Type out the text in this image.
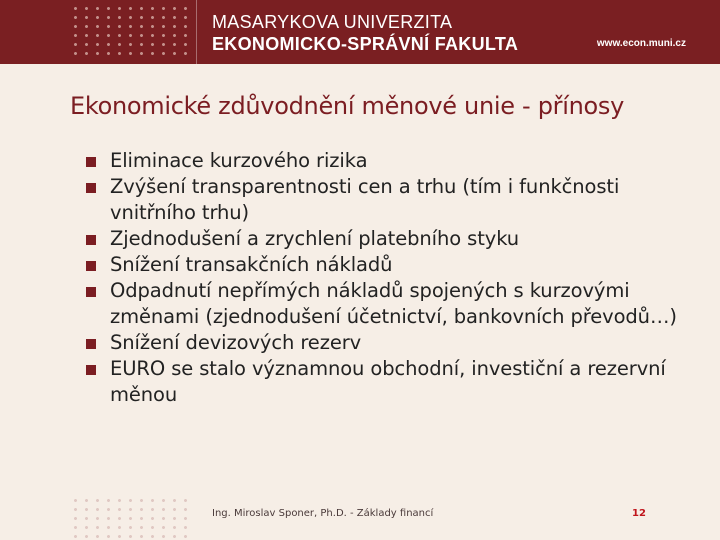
MASARYKOVA UNIVERZITA
EKONOMICKO-SPRÁVNÍ FAKULTA	www.econ.muni.cz
Ekonomické zdůvodnění měnové unie - přínosy
Eliminace kurzového rizika
Zvýšení transparentnosti cen a trhu (tím i funkčnosti vnitřního trhu)
Zjednodušení a zrychlení platebního styku
Snížení transakčních nákladů
Odpadnutí nepřímých nákladů spojených s kurzovými změnami (zjednodušení účetnictví, bankovních převodů…)
Snížení devizových rezerv
EURO se stalo významnou obchodní, investiční a rezervní měnou
Ing. Miroslav Sponer, Ph.D. - Základy financí	12
